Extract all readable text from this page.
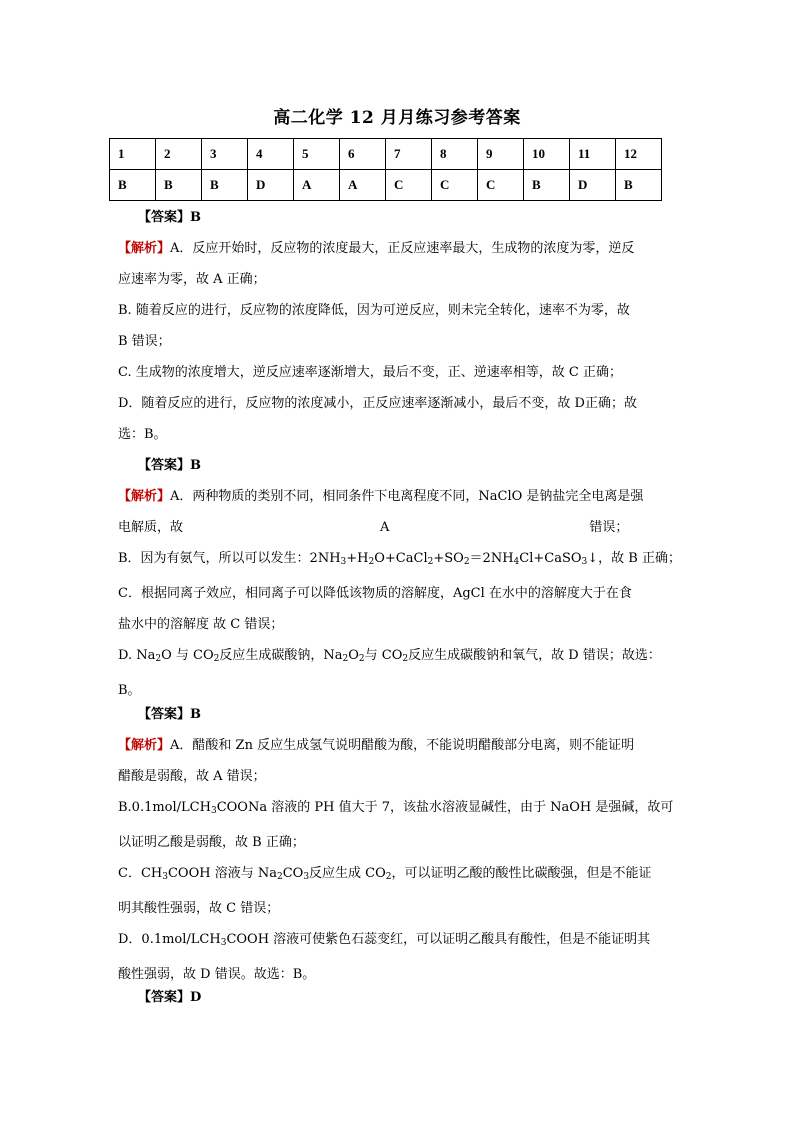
高二化学 12 月月练习参考答案
1	2	3	4	5	6	7	8	9	10	11	12
B	B	B	D	A	A	C	C	C	B	D	B
【答案】B
【解析】A．反应开始时，反应物的浓度最大，正反应速率最大，生成物的浓度为零，逆反
应速率为零，故 A 正确；
B. 随着反应的进行，反应物的浓度降低，因为可逆反应，则未完全转化，速率不为零，故
B 错误；
C. 生成物的浓度增大，逆反应速率逐渐增大，最后不变，正、逆速率相等，故 C 正确；
D．随着反应的进行，反应物的浓度减小，正反应速率逐渐减小，最后不变，故 D正确；故
选：B。
【答案】B
【解析】A．两种物质的类别不同，相同条件下电离程度不同，NaClO 是钠盐完全电离是强
电解质，故	A	错误；
B．因为有氨气，所以可以发生：$2NH_3+H_2O+CaCl_2+SO_2=2NH_4Cl+CaSO_3↓$，故 B 正确；
C．根据同离子效应，相同离子可以降低该物质的溶解度，AgCl 在水中的溶解度大于在食
盐水中的溶解度 故 C 错误；
D. $Na_2O$ 与 $CO_2$反应生成碳酸钠，$Na_2O_2$与 $CO_2$反应生成碳酸钠和氧气，故 D 错误；故选：
B。
【答案】B
【解析】A．醋酸和 Zn 反应生成氢气说明醋酸为酸，不能说明醋酸部分电离，则不能证明
醋酸是弱酸，故 A 错误；
$B.0.1mol/LCH_3COONa$ 溶液的 PH 值大于 7，该盐水溶液显碱性，由于 NaOH 是强碱，故可
以证明乙酸是弱酸，故 B 正确；
C．$CH_3COOH$ 溶液与 $Na_2CO_3$反应生成 $CO_2$，可以证明乙酸的酸性比碳酸强，但是不能证
明其酸性强弱，故 C 错误；
D．$0.1mol/LCH_3COOH$ 溶液可使紫色石蕊变红，可以证明乙酸具有酸性，但是不能证明其
酸性强弱，故 D 错误。故选：B。
【答案】D
